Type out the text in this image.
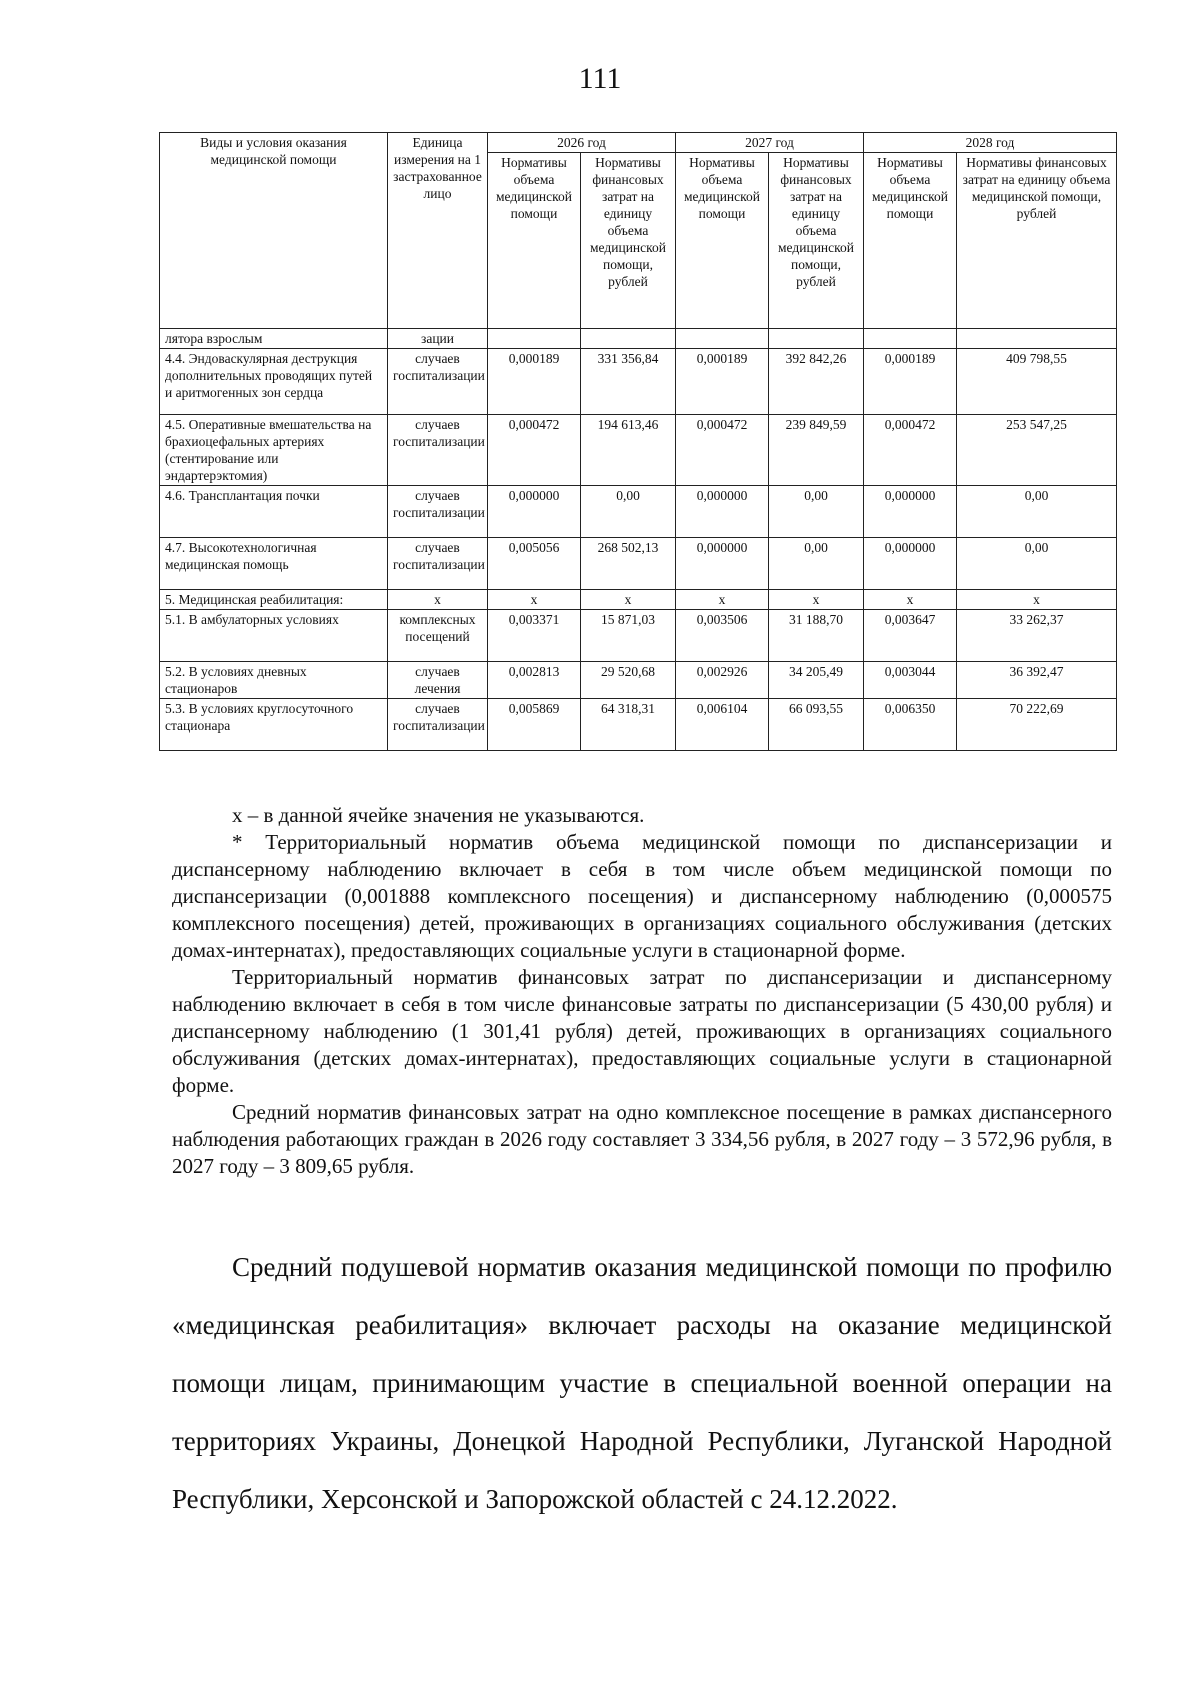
111
Виды и условия оказания медицинской помощи	Единица измерения на 1 застрахованное лицо	2026 год		2027 год		2028 год	
		Нормативы объема медицинской помощи	Нормативы финансовых затрат на единицу объема медицинской помощи, рублей	Нормативы объема медицинской помощи	Нормативы финансовых затрат на единицу объема медицинской помощи, рублей	Нормативы объема медицинской помощи	Нормативы финансовых затрат на единицу объема медицинской помощи, рублей
лятора взрослым	зации						
4.4. Эндоваскулярная деструкция дополнительных проводящих путей и аритмогенных зон сердца	случаев госпитализации	0,000189	331 356,84	0,000189	392 842,26	0,000189	409 798,55
4.5. Оперативные вмешательства на брахиоцефальных артериях (стентирование или эндартерэктомия)	случаев госпитализации	0,000472	194 613,46	0,000472	239 849,59	0,000472	253 547,25
4.6. Трансплантация почки	случаев госпитализации	0,000000	0,00	0,000000	0,00	0,000000	0,00
4.7. Высокотехнологичная медицинская помощь	случаев госпитализации	0,005056	268 502,13	0,000000	0,00	0,000000	0,00
5. Медицинская реабилитация:	х	х	х	х	х	х	х
5.1. В амбулаторных условиях	комплексных посещений	0,003371	15 871,03	0,003506	31 188,70	0,003647	33 262,37
5.2. В условиях дневных стационаров	случаев лечения	0,002813	29 520,68	0,002926	34 205,49	0,003044	36 392,47
5.3. В условиях круглосуточного стационара	случаев госпитализации	0,005869	64 318,31	0,006104	66 093,55	0,006350	70 222,69

х – в данной ячейке значения не указываются.

* Территориальный норматив объема медицинской помощи по диспансеризации и диспансерному наблюдению включает в себя в том числе объем медицинской помощи по диспансеризации (0,001888 комплексного посещения) и диспансерному наблюдению (0,000575 комплексного посещения) детей, проживающих в организациях социального обслуживания (детских домах-интернатах), предоставляющих социальные услуги в стационарной форме.

Территориальный норматив финансовых затрат по диспансеризации и диспансерному наблюдению включает в себя в том числе финансовые затраты по диспансеризации (5 430,00 рубля) и диспансерному наблюдению (1 301,41 рубля) детей, проживающих в организациях социального обслуживания (детских домах-интернатах), предоставляющих социальные услуги в стационарной форме.

Средний норматив финансовых затрат на одно комплексное посещение в рамках диспансерного наблюдения работающих граждан в 2026 году составляет 3 334,56 рубля, в 2027 году – 3 572,96 рубля, в 2027 году – 3 809,65 рубля.

Средний подушевой норматив оказания медицинской помощи по профилю «медицинская реабилитация» включает расходы на оказание медицинской помощи лицам, принимающим участие в специальной военной операции на территориях Украины, Донецкой Народной Республики, Луганской Народной Республики, Херсонской и Запорожской областей с 24.12.2022.
